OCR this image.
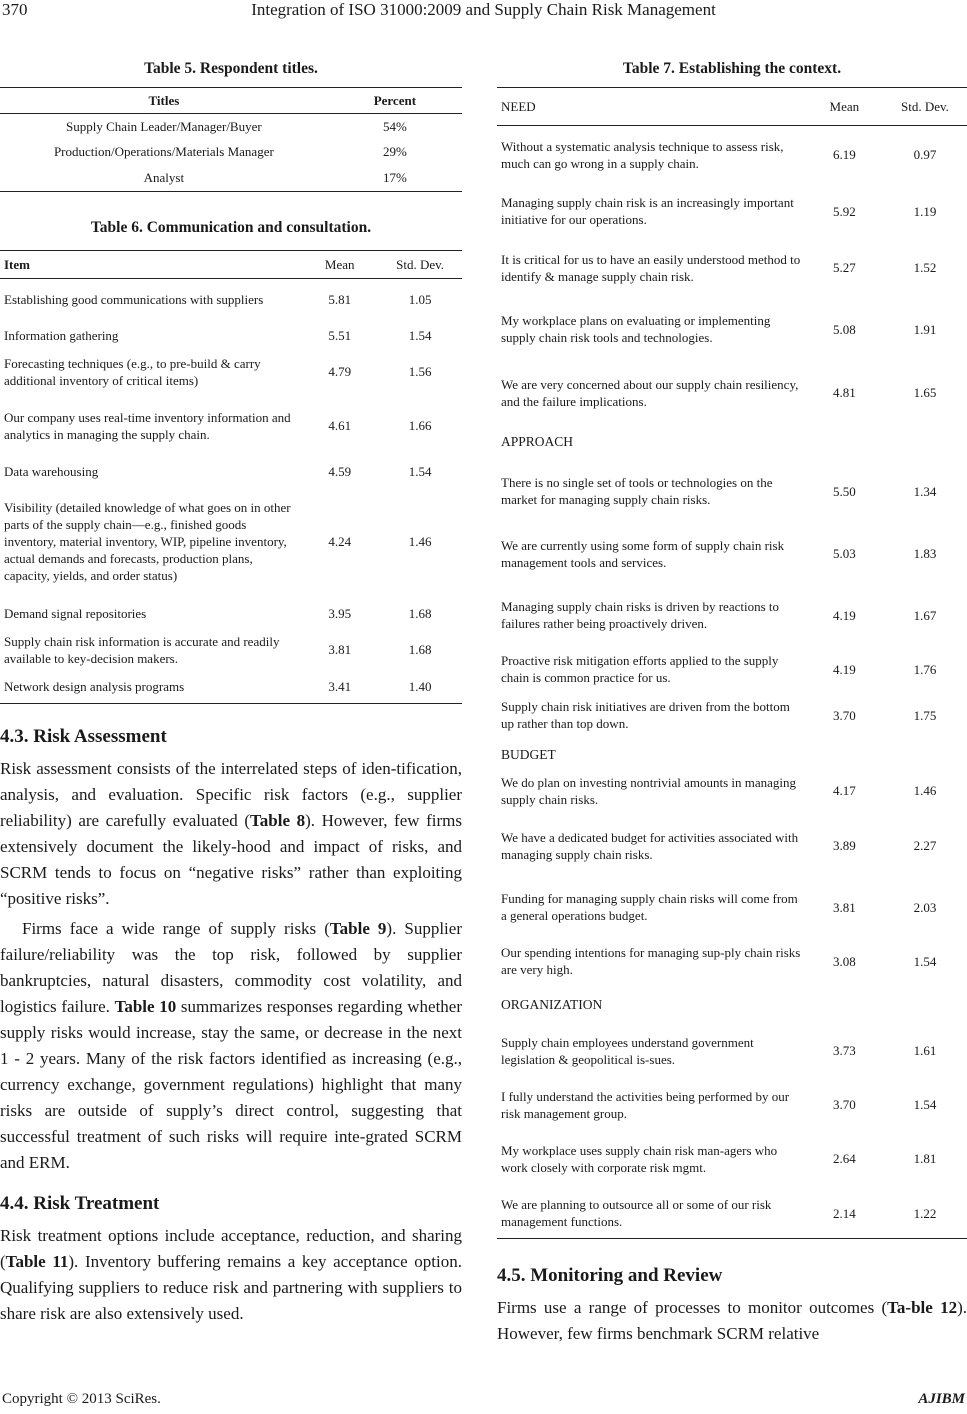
370	Integration of ISO 31000:2009 and Supply Chain Risk Management
Table 5. Respondent titles.
Titles	Percent
Supply Chain Leader/Manager/Buyer	54%
Production/Operations/Materials Manager	29%
Analyst	17%
Table 6. Communication and consultation.
Item	Mean	Std. Dev.
Establishing good communications with suppliers	5.81	1.05
Information gathering	5.51	1.54
Forecasting techniques (e.g., to pre-build & carry additional inventory of critical items)	4.79	1.56
Our company uses real-time inventory information and analytics in managing the supply chain.	4.61	1.66
Data warehousing	4.59	1.54
Visibility (detailed knowledge of what goes on in other parts of the supply chain—e.g., finished goods inventory, material inventory, WIP, pipeline inventory, actual demands and forecasts, production plans, capacity, yields, and order status)	4.24	1.46
Demand signal repositories	3.95	1.68
Supply chain risk information is accurate and readily available to key-decision makers.	3.81	1.68
Network design analysis programs	3.41	1.40
Table 7. Establishing the context.
NEED	Mean	Std. Dev.
Without a systematic analysis technique to assess risk, much can go wrong in a supply chain.	6.19	0.97
Managing supply chain risk is an increasingly important initiative for our operations.	5.92	1.19
It is critical for us to have an easily understood method to identify & manage supply chain risk.	5.27	1.52
My workplace plans on evaluating or implementing supply chain risk tools and technologies.	5.08	1.91
We are very concerned about our supply chain resiliency, and the failure implications.	4.81	1.65
APPROACH		
There is no single set of tools or technologies on the market for managing supply chain risks.	5.50	1.34
We are currently using some form of supply chain risk management tools and services.	5.03	1.83
Managing supply chain risks is driven by reactions to failures rather being proactively driven.	4.19	1.67
Proactive risk mitigation efforts applied to the supply chain is common practice for us.	4.19	1.76
Supply chain risk initiatives are driven from the bottom up rather than top down.	3.70	1.75
BUDGET		
We do plan on investing nontrivial amounts in managing supply chain risks.	4.17	1.46
We have a dedicated budget for activities associated with managing supply chain risks.	3.89	2.27
Funding for managing supply chain risks will come from a general operations budget.	3.81	2.03
Our spending intentions for managing sup-ply chain risks are very high.	3.08	1.54
ORGANIZATION		
Supply chain employees understand government legislation & geopolitical is-sues.	3.73	1.61
I fully understand the activities being performed by our risk management group.	3.70	1.54
My workplace uses supply chain risk man-agers who work closely with corporate risk mgmt.	2.64	1.81
We are planning to outsource all or some of our risk management functions.	2.14	1.22
4.3. Risk Assessment

Risk assessment consists of the interrelated steps of iden-tification, analysis, and evaluation. Specific risk factors (e.g., supplier reliability) are carefully evaluated (Table 8). However, few firms extensively document the likely-hood and impact of risks, and SCRM tends to focus on “negative risks” rather than exploiting “positive risks”.

Firms face a wide range of supply risks (Table 9). Supplier failure/reliability was the top risk, followed by supplier bankruptcies, natural disasters, commodity cost volatility, and logistics failure. Table 10 summarizes responses regarding whether supply risks would increase, stay the same, or decrease in the next 1 - 2 years. Many of the risk factors identified as increasing (e.g., currency exchange, government regulations) highlight that many risks are outside of supply’s direct control, suggesting that successful treatment of such risks will require inte-grated SCRM and ERM.

4.4. Risk Treatment

Risk treatment options include acceptance, reduction, and sharing (Table 11). Inventory buffering remains a key acceptance option. Qualifying suppliers to reduce risk and partnering with suppliers to share risk are also extensively used.

4.5. Monitoring and Review

Firms use a range of processes to monitor outcomes (Ta-ble 12). However, few firms benchmark SCRM relative

Copyright © 2013 SciRes.	AJIBM
